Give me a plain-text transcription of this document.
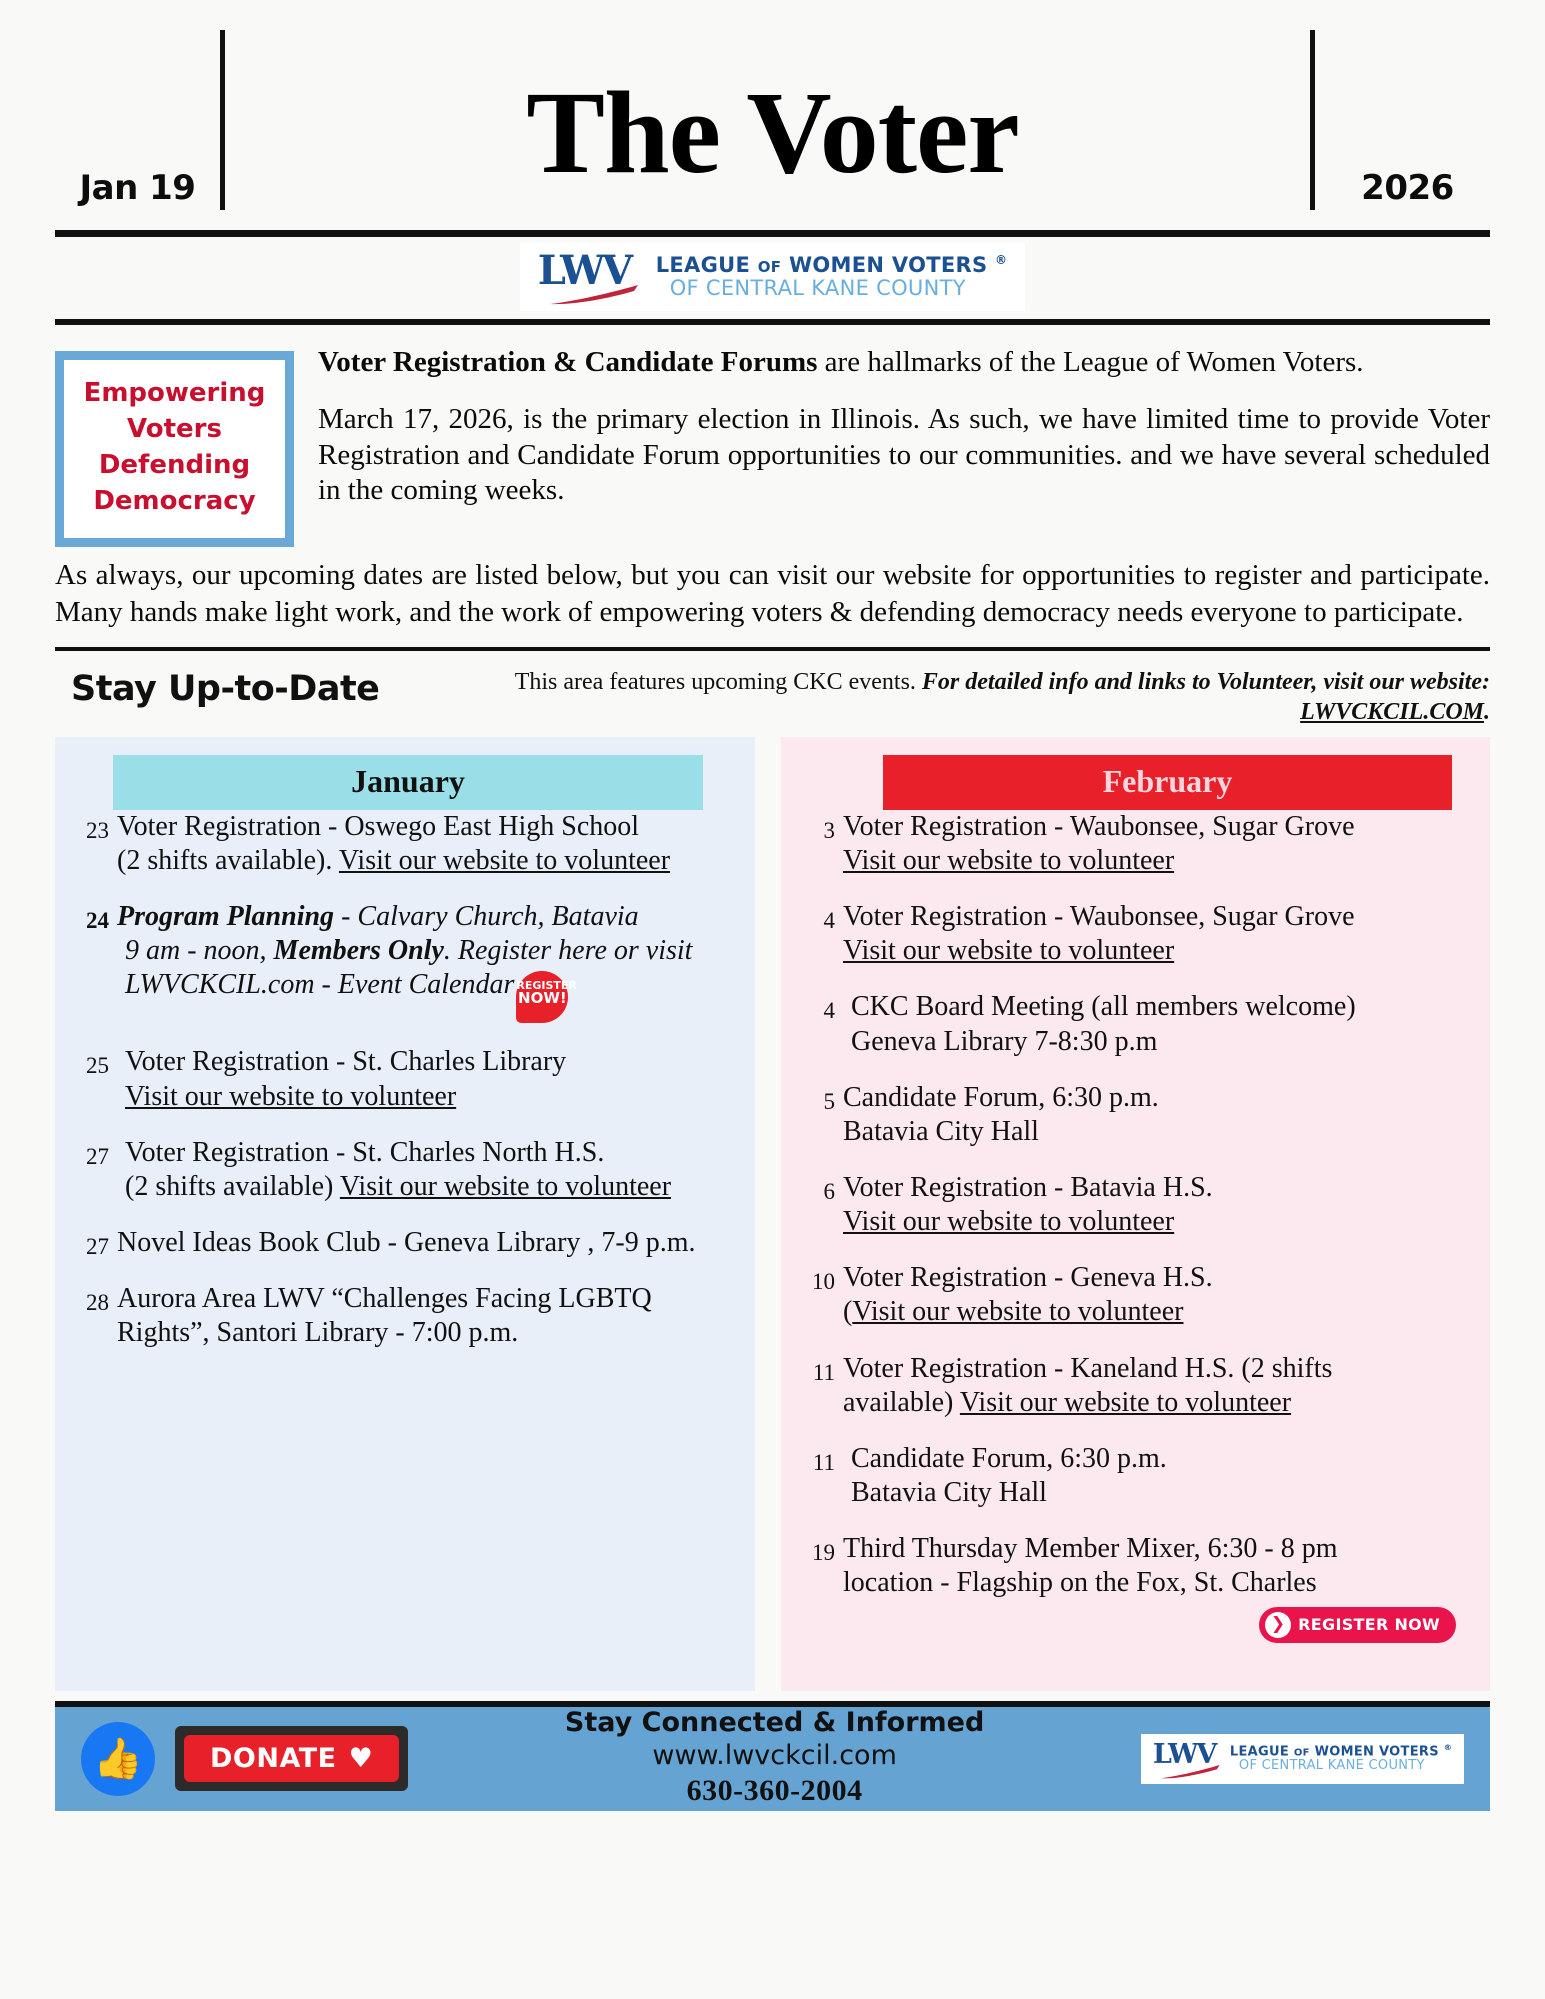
Jan 19	The Voter	2026
LWV	LEAGUE OF WOMEN VOTERS ®
OF CENTRAL KANE COUNTY
Empowering
Voters
Defending
Democracy

Voter Registration & Candidate Forums are hallmarks of the League of Women Voters.

March 17, 2026, is the primary election in Illinois. As such, we have limited time to provide Voter Registration and Candidate Forum opportunities to our communities. and we have several scheduled in the coming weeks.

As always, our upcoming dates are listed below, but you can visit our website for opportunities to register and participate. Many hands make light work, and the work of empowering voters & defending democracy needs everyone to participate.

Stay Up-to-Date	This area features upcoming CKC events. For detailed info and links to Volunteer, visit our website: LWVCKCIL.COM.
January
23 Voter Registration - Oswego East High School
(2 shifts available). Visit our website to volunteer
24 Program Planning - Calvary Church, Batavia
9 am - noon, Members Only. Register here or visit
LWVCKCIL.com - Event Calendar REGISTER
NOW!
25 Voter Registration - St. Charles Library
Visit our website to volunteer
27 Voter Registration - St. Charles North H.S.
(2 shifts available) Visit our website to volunteer
27 Novel Ideas Book Club - Geneva Library , 7-9 p.m.
28 Aurora Area LWV “Challenges Facing LGBTQ
Rights”, Santori Library - 7:00 p.m.
February
3 Voter Registration - Waubonsee, Sugar Grove
Visit our website to volunteer
4 Voter Registration - Waubonsee, Sugar Grove
Visit our website to volunteer
4 CKC Board Meeting (all members welcome)
Geneva Library 7-8:30 p.m
5 Candidate Forum, 6:30 p.m.
Batavia City Hall
6 Voter Registration - Batavia H.S.
Visit our website to volunteer
10 Voter Registration - Geneva H.S.
(Visit our website to volunteer
11 Voter Registration - Kaneland H.S. (2 shifts
available) Visit our website to volunteer
11 Candidate Forum, 6:30 p.m.
Batavia City Hall
19 Third Thursday Member Mixer, 6:30 - 8 pm
location - Flagship on the Fox, St. Charles
❯ REGISTER NOW
👍 DONATE ♥
Stay Connected & Informed
www.lwvckcil.com
630-360-2004
LWV	LEAGUE OF WOMEN VOTERS ®
OF CENTRAL KANE COUNTY
